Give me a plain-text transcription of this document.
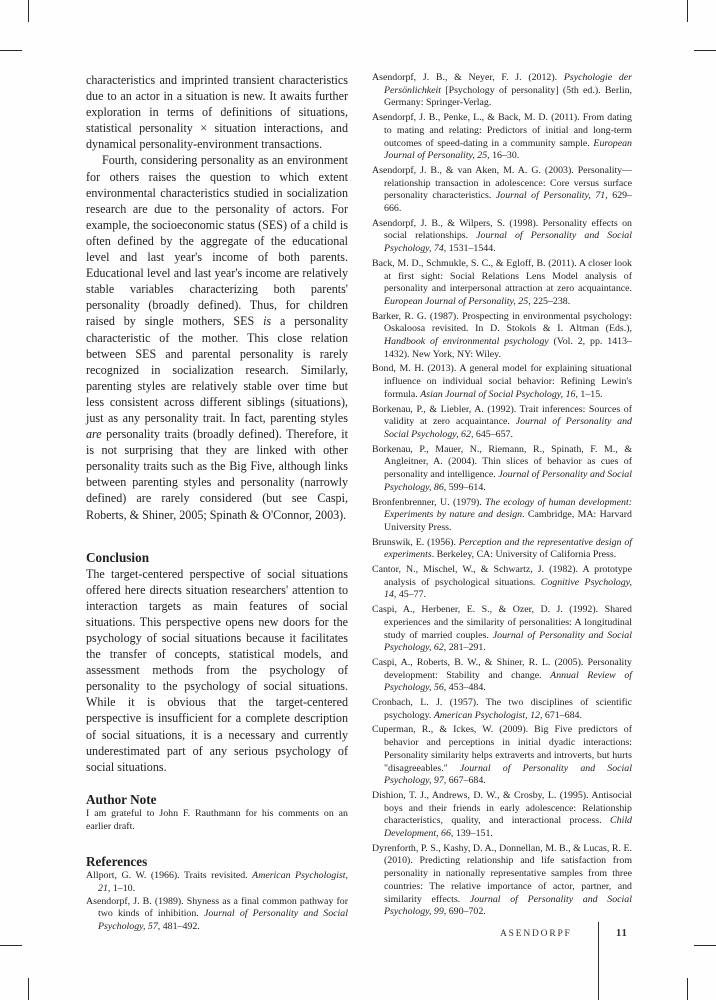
characteristics and imprinted transient characteristics due to an actor in a situation is new. It awaits further exploration in terms of definitions of situations, statistical personality × situation interactions, and dynamical personality-environment transactions.

Fourth, considering personality as an environment for others raises the question to which extent environmental characteristics studied in socialization research are due to the personality of actors. For example, the socioeconomic status (SES) of a child is often defined by the aggregate of the educational level and last year's income of both parents. Educational level and last year's income are relatively stable variables characterizing both parents' personality (broadly defined). Thus, for children raised by single mothers, SES is a personality characteristic of the mother. This close relation between SES and parental personality is rarely recognized in socialization research. Similarly, parenting styles are relatively stable over time but less consistent across different siblings (situations), just as any personality trait. In fact, parenting styles are personality traits (broadly defined). Therefore, it is not surprising that they are linked with other personality traits such as the Big Five, although links between parenting styles and personality (narrowly defined) are rarely considered (but see Caspi, Roberts, & Shiner, 2005; Spinath & O'Connor, 2003).

Conclusion

The target-centered perspective of social situations offered here directs situation researchers' attention to interaction targets as main features of social situations. This perspective opens new doors for the psychology of social situations because it facilitates the transfer of concepts, statistical models, and assessment methods from the psychology of personality to the psychology of social situations. While it is obvious that the target-centered perspective is insufficient for a complete description of social situations, it is a necessary and currently underestimated part of any serious psychology of social situations.

Author Note

I am grateful to John F. Rauthmann for his comments on an earlier draft.

References

Allport, G. W. (1966). Traits revisited. American Psychologist, 21, 1–10.

Asendorpf, J. B. (1989). Shyness as a final common pathway for two kinds of inhibition. Journal of Personality and Social Psychology, 57, 481–492.

Asendorpf, J. B., & Neyer, F. J. (2012). Psychologie der Persönlichkeit [Psychology of personality] (5th ed.). Berlin, Germany: Springer-Verlag.

Asendorpf, J. B., Penke, L., & Back, M. D. (2011). From dating to mating and relating: Predictors of initial and long-term outcomes of speed-dating in a community sample. European Journal of Personality, 25, 16–30.

Asendorpf, J. B., & van Aken, M. A. G. (2003). Personality—relationship transaction in adolescence: Core versus surface personality characteristics. Journal of Personality, 71, 629–666.

Asendorpf, J. B., & Wilpers, S. (1998). Personality effects on social relationships. Journal of Personality and Social Psychology, 74, 1531–1544.

Back, M. D., Schmukle, S. C., & Egloff, B. (2011). A closer look at first sight: Social Relations Lens Model analysis of personality and interpersonal attraction at zero acquaintance. European Journal of Personality, 25, 225–238.

Barker, R. G. (1987). Prospecting in environmental psychology: Oskaloosa revisited. In D. Stokols & I. Altman (Eds.), Handbook of environmental psychology (Vol. 2, pp. 1413–1432). New York, NY: Wiley.

Bond, M. H. (2013). A general model for explaining situational influence on individual social behavior: Refining Lewin's formula. Asian Journal of Social Psychology, 16, 1–15.

Borkenau, P., & Liebler, A. (1992). Trait inferences: Sources of validity at zero acquaintance. Journal of Personality and Social Psychology, 62, 645–657.

Borkenau, P., Mauer, N., Riemann, R., Spinath, F. M., & Angleitner, A. (2004). Thin slices of behavior as cues of personality and intelligence. Journal of Personality and Social Psychology, 86, 599–614.

Bronfenbrenner, U. (1979). The ecology of human development: Experiments by nature and design. Cambridge, MA: Harvard University Press.

Brunswik, E. (1956). Perception and the representative design of experiments. Berkeley, CA: University of California Press.

Cantor, N., Mischel, W., & Schwartz, J. (1982). A prototype analysis of psychological situations. Cognitive Psychology, 14, 45–77.

Caspi, A., Herbener, E. S., & Ozer, D. J. (1992). Shared experiences and the similarity of personalities: A longitudinal study of married couples. Journal of Personality and Social Psychology, 62, 281–291.

Caspi, A., Roberts, B. W., & Shiner, R. L. (2005). Personality development: Stability and change. Annual Review of Psychology, 56, 453–484.

Cronbach, L. J. (1957). The two disciplines of scientific psychology. American Psychologist, 12, 671–684.

Cuperman, R., & Ickes, W. (2009). Big Five predictors of behavior and perceptions in initial dyadic interactions: Personality similarity helps extraverts and introverts, but hurts "disagreeables." Journal of Personality and Social Psychology, 97, 667–684.

Dishion, T. J., Andrews, D. W., & Crosby, L. (1995). Antisocial boys and their friends in early adolescence: Relationship characteristics, quality, and interactional process. Child Development, 66, 139–151.

Dyrenforth, P. S., Kashy, D. A., Donnellan, M. B., & Lucas, R. E. (2010). Predicting relationship and life satisfaction from personality in nationally representative samples from three countries: The relative importance of actor, partner, and similarity effects. Journal of Personality and Social Psychology, 99, 690–702.

ASENDORPF	11
